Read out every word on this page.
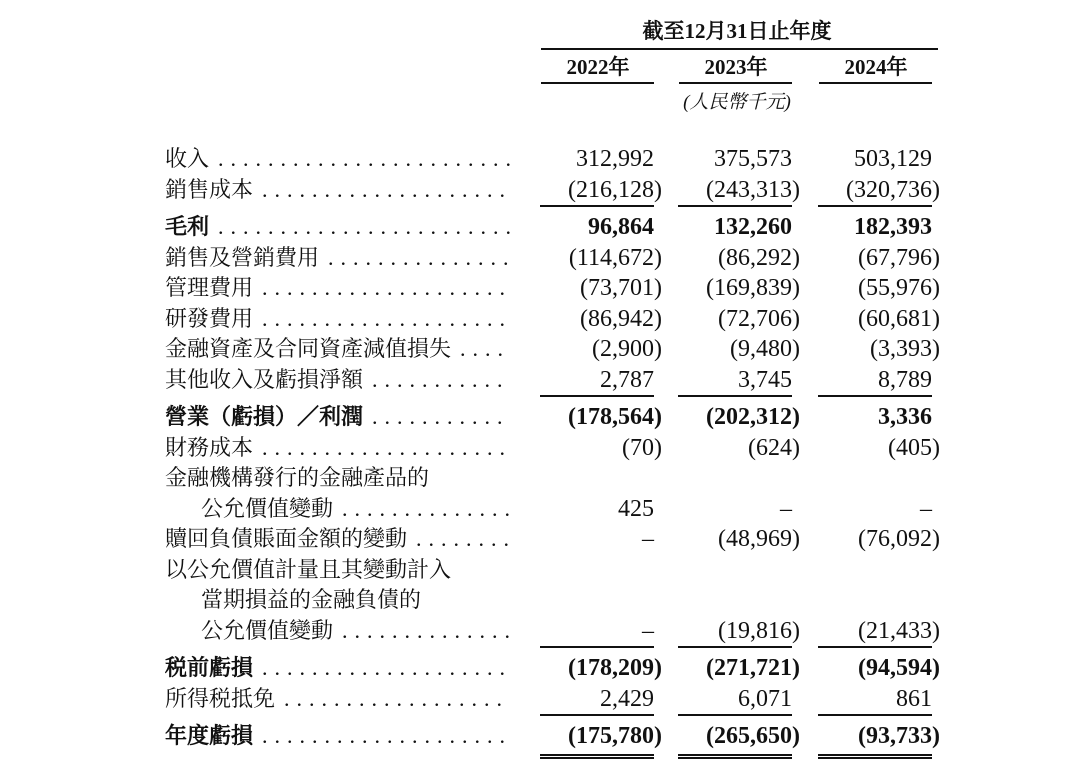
截至12月31日止年度
2022年	2023年	2024年
(人民幣千元)
收入 .....	312,992	375,573	503,129
銷售成本 .....	(216,128)	(243,313)	(320,736)
毛利 .....	96,864	132,260	182,393
銷售及營銷費用 .....	(114,672)	(86,292)	(67,796)
管理費用 .....	(73,701)	(169,839)	(55,976)
研發費用 .....	(86,942)	(72,706)	(60,681)
金融資產及合同資產減值損失 .....	(2,900)	(9,480)	(3,393)
其他收入及虧損淨額 .....	2,787	3,745	8,789
營業（虧損）／利潤 .....	(178,564)	(202,312)	3,336
財務成本 .....	(70)	(624)	(405)
金融機構發行的金融產品的
公允價值變動 .....	425	–	–
贖回負債賬面金額的變動 .....	–	(48,969)	(76,092)
以公允價值計量且其變動計入
當期損益的金融負債的
公允價值變動 .....	–	(19,816)	(21,433)
税前虧損 .....	(178,209)	(271,721)	(94,594)
所得税抵免 .....	2,429	6,071	861
年度虧損 .....	(175,780)	(265,650)	(93,733)
